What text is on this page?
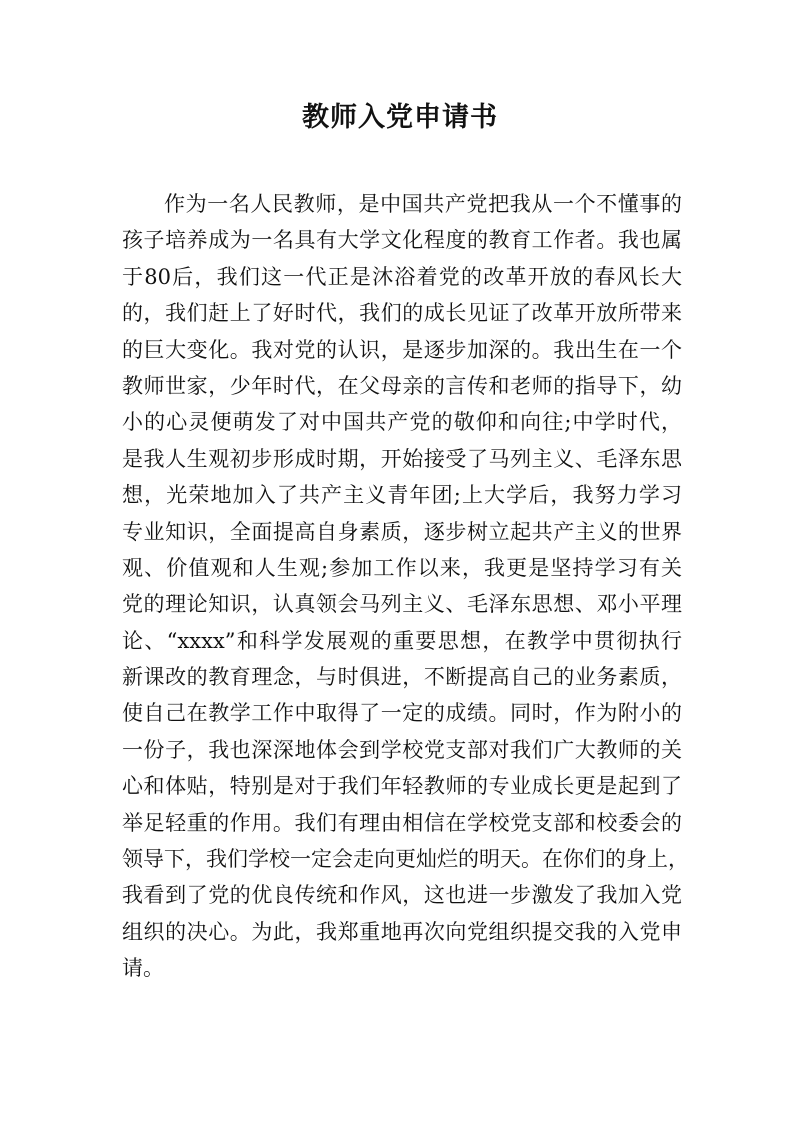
教师入党申请书
作为一名人民教师，是中国共产党把我从一个不懂事的
孩子培养成为一名具有大学文化程度的教育工作者。我也属
于80后，我们这一代正是沐浴着党的改革开放的春风长大
的，我们赶上了好时代，我们的成长见证了改革开放所带来
的巨大变化。我对党的认识，是逐步加深的。我出生在一个
教师世家，少年时代，在父母亲的言传和老师的指导下，幼
小的心灵便萌发了对中国共产党的敬仰和向往;中学时代，
是我人生观初步形成时期，开始接受了马列主义、毛泽东思
想，光荣地加入了共产主义青年团;上大学后，我努力学习
专业知识，全面提高自身素质，逐步树立起共产主义的世界
观、价值观和人生观;参加工作以来，我更是坚持学习有关
党的理论知识，认真领会马列主义、毛泽东思想、邓小平理
论、“xxxx”和科学发展观的重要思想，在教学中贯彻执行
新课改的教育理念，与时俱进，不断提高自己的业务素质，
使自己在教学工作中取得了一定的成绩。同时，作为附小的
一份子，我也深深地体会到学校党支部对我们广大教师的关
心和体贴，特别是对于我们年轻教师的专业成长更是起到了
举足轻重的作用。我们有理由相信在学校党支部和校委会的
领导下，我们学校一定会走向更灿烂的明天。在你们的身上，
我看到了党的优良传统和作风，这也进一步激发了我加入党
组织的决心。为此，我郑重地再次向党组织提交我的入党申
请。
